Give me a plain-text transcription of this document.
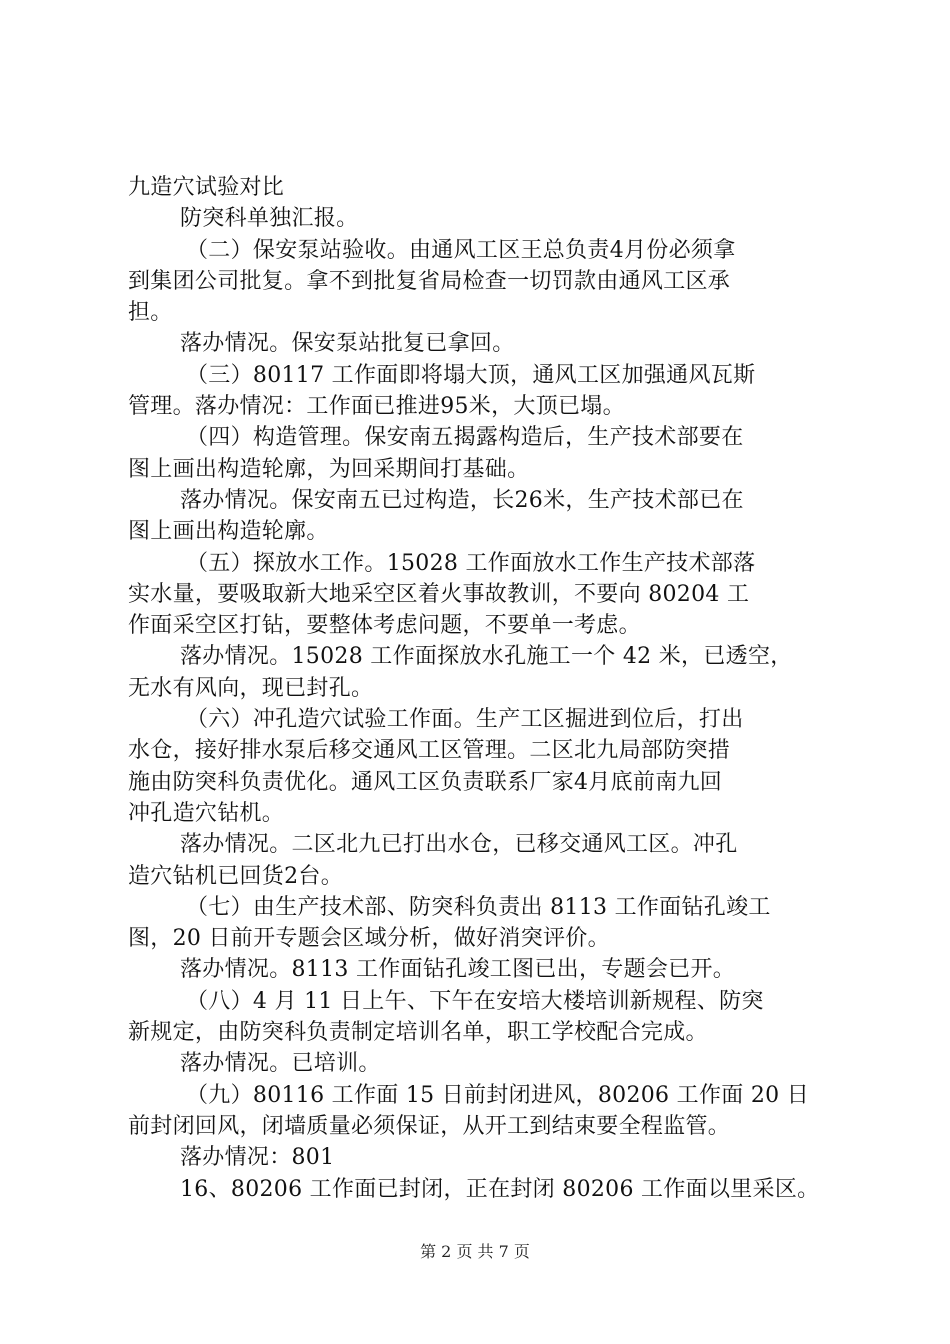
九造穴试验对比
防突科单独汇报。
（二）保安泵站验收。由通风工区王总负责4月份必须拿
到集团公司批复。拿不到批复省局检查一切罚款由通风工区承
担。
落办情况。保安泵站批复已拿回。
（三）80117 工作面即将塌大顶，通风工区加强通风瓦斯
管理。落办情况：工作面已推进95米，大顶已塌。
（四）构造管理。保安南五揭露构造后，生产技术部要在
图上画出构造轮廓，为回采期间打基础。
落办情况。保安南五已过构造，长26米，生产技术部已在
图上画出构造轮廓。
（五）探放水工作。15028 工作面放水工作生产技术部落
实水量，要吸取新大地采空区着火事故教训，不要向 80204 工
作面采空区打钻，要整体考虑问题，不要单一考虑。
落办情况。15028 工作面探放水孔施工一个 42 米，已透空，
无水有风向，现已封孔。
（六）冲孔造穴试验工作面。生产工区掘进到位后，打出
水仓，接好排水泵后移交通风工区管理。二区北九局部防突措
施由防突科负责优化。通风工区负责联系厂家4月底前南九回
冲孔造穴钻机。
落办情况。二区北九已打出水仓，已移交通风工区。冲孔
造穴钻机已回货2台。
（七）由生产技术部、防突科负责出 8113 工作面钻孔竣工
图，20 日前开专题会区域分析，做好消突评价。
落办情况。8113 工作面钻孔竣工图已出，专题会已开。
（八）4 月 11 日上午、下午在安培大楼培训新规程、防突
新规定，由防突科负责制定培训名单，职工学校配合完成。
落办情况。已培训。
（九）80116 工作面 15 日前封闭进风，80206 工作面 20 日
前封闭回风，闭墙质量必须保证，从开工到结束要全程监管。
落办情况：801
16、80206 工作面已封闭，正在封闭 80206 工作面以里采区。
第 2 页 共 7 页
